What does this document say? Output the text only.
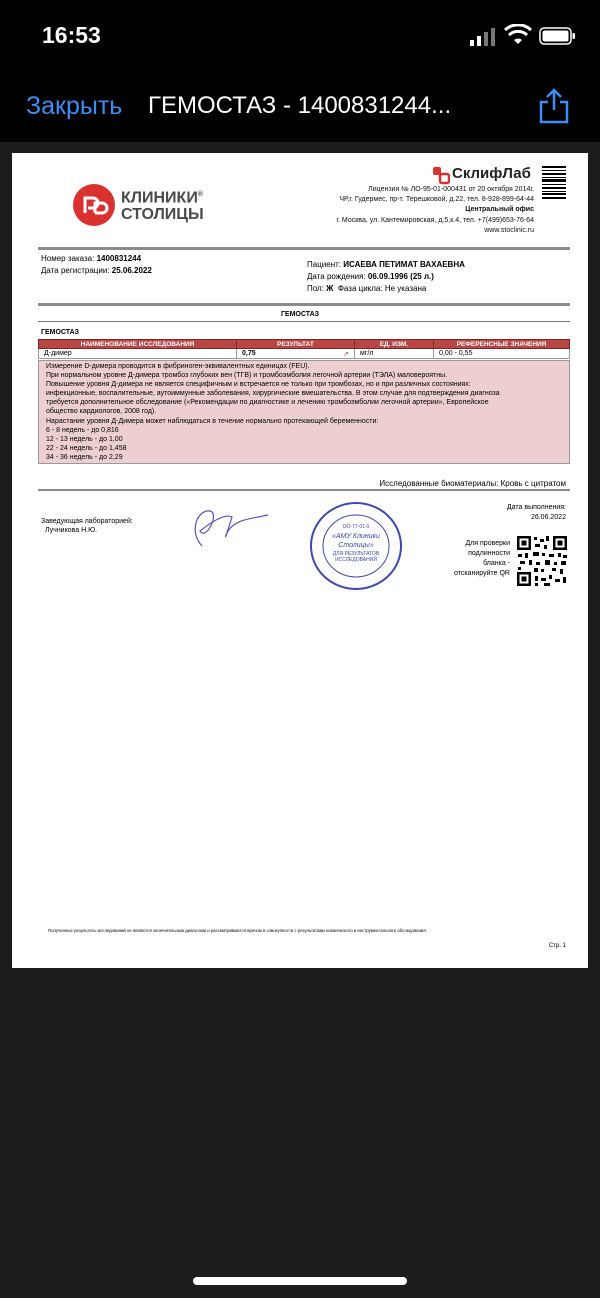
16:53
Закрыть ГЕМОСТАЗ - 1400831244...
КЛИНИКИ®
СТОЛИЦЫ
СклифЛаб
Лицензия № ЛО-95-01-000431 от 20 октября 2014г.
ЧР,г. Гудермес, пр-т. Терешковой, д.22, тел. 8-928-899-64-44
Центральный офис
г. Москва, ул. Кантемировская, д.5,к.4, тел. +7(499)653-76-64
www.stoclinic.ru
Номер заказа: 1400831244
Дата регистрации: 25.06.2022
Пациент: ИСАЕВА ПЕТИМАТ ВАХАЕВНА
Дата рождения: 06.09.1996 (25 л.)
Пол: Ж Фаза цикла: Не указана
ГЕМОСТАЗ
ГЕМОСТАЗ
НАИМЕНОВАНИЕ ИССЛЕДОВАНИЯ	РЕЗУЛЬТАТ	ЕД. ИЗМ.	РЕФЕРЕНСНЫЕ ЗНАЧЕНИЯ
Д-димер	0,75 ↗	мг/л	0,00 - 0,55
Измерение D-димера проводится в фибриноген-эквивалентных единицах (FEU).
При нормальном уровне Д-димера тромбоз глубоких вен (ТГВ) и тромбоэмболия легочной артерии (ТЭЛА) маловероятны.
Повышение уровня Д-димера не является специфичным и встречается не только при тромбозах, но и при различных состояниях:
инфекционные, воспалительные, аутоиммунные заболевания, хирургические вмешательства. В этом случае для подтверждения диагноза
требуется дополнительное обследование («Рекомендации по диагностике и лечению тромбоэмболии легочной артерии», Европейское
общество кардиологов, 2008 год).
Нарастание уровня Д-Димера может наблюдаться в течение нормально протекающей беременности:
6 - 8 недель - до 0,816
12 - 13 недель - до 1,00
22 - 24 недель - до 1,458
34 - 36 недель - до 2,29
Исследованные биоматериалы: Кровь с цитратом
Заведующая лабораторией:
Лучникова Н.Ю.
«АМУ Клиники
Столицы»
ДЛЯ РЕЗУЛЬТАТОВ
ИССЛЕДОВАНИЙ
ОО-77-01-0
Дата выполнения:
26.06.2022
Для проверки
подлинности
бланка -
отсканируйте QR
Полученные результаты исследований не являются окончательным диагнозом и рассматриваются врачом в совокупности с результатами клинического и инструментального обследования.
Стр. 1
